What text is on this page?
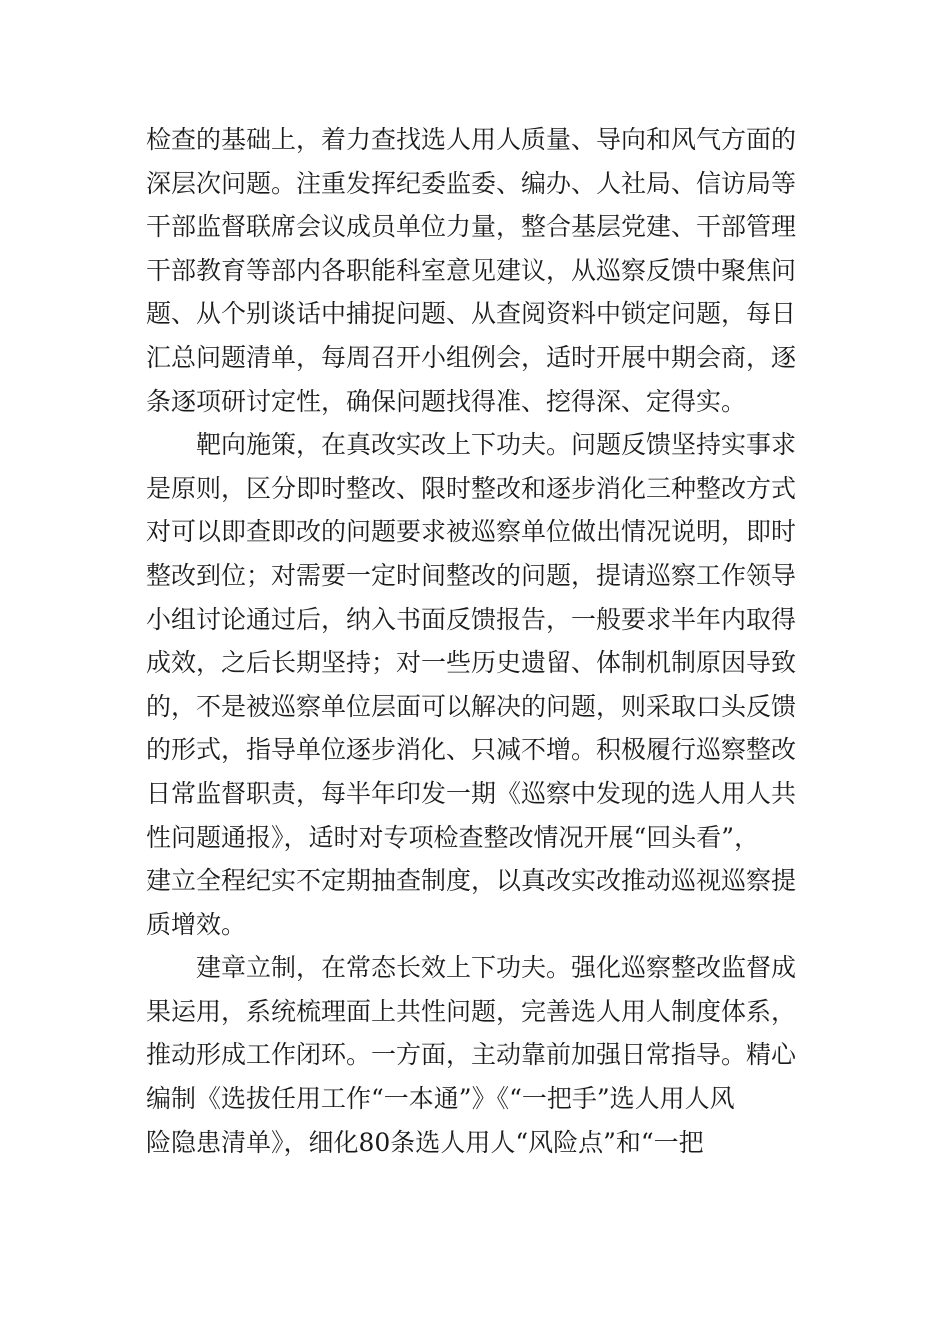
检查的基础上，着力查找选人用人质量、导向和风气方面的
深层次问题。注重发挥纪委监委、编办、人社局、信访局等
干部监督联席会议成员单位力量，整合基层党建、干部管理
干部教育等部内各职能科室意见建议，从巡察反馈中聚焦问
题、从个别谈话中捕捉问题、从查阅资料中锁定问题，每日
汇总问题清单，每周召开小组例会，适时开展中期会商，逐
条逐项研讨定性，确保问题找得准、挖得深、定得实。
靶向施策，在真改实改上下功夫。问题反馈坚持实事求
是原则，区分即时整改、限时整改和逐步消化三种整改方式
对可以即查即改的问题要求被巡察单位做出情况说明，即时
整改到位；对需要一定时间整改的问题，提请巡察工作领导
小组讨论通过后，纳入书面反馈报告，一般要求半年内取得
成效，之后长期坚持；对一些历史遗留、体制机制原因导致
的，不是被巡察单位层面可以解决的问题，则采取口头反馈
的形式，指导单位逐步消化、只减不增。积极履行巡察整改
日常监督职责，每半年印发一期《巡察中发现的选人用人共
性问题通报》，适时对专项检查整改情况开展“回头看”，
建立全程纪实不定期抽查制度，以真改实改推动巡视巡察提
质增效。
建章立制，在常态长效上下功夫。强化巡察整改监督成
果运用，系统梳理面上共性问题，完善选人用人制度体系，
推动形成工作闭环。一方面，主动靠前加强日常指导。精心
编制《选拔任用工作“一本通”》《“一把手”选人用人风
险隐患清单》，细化80条选人用人“风险点”和“一把
